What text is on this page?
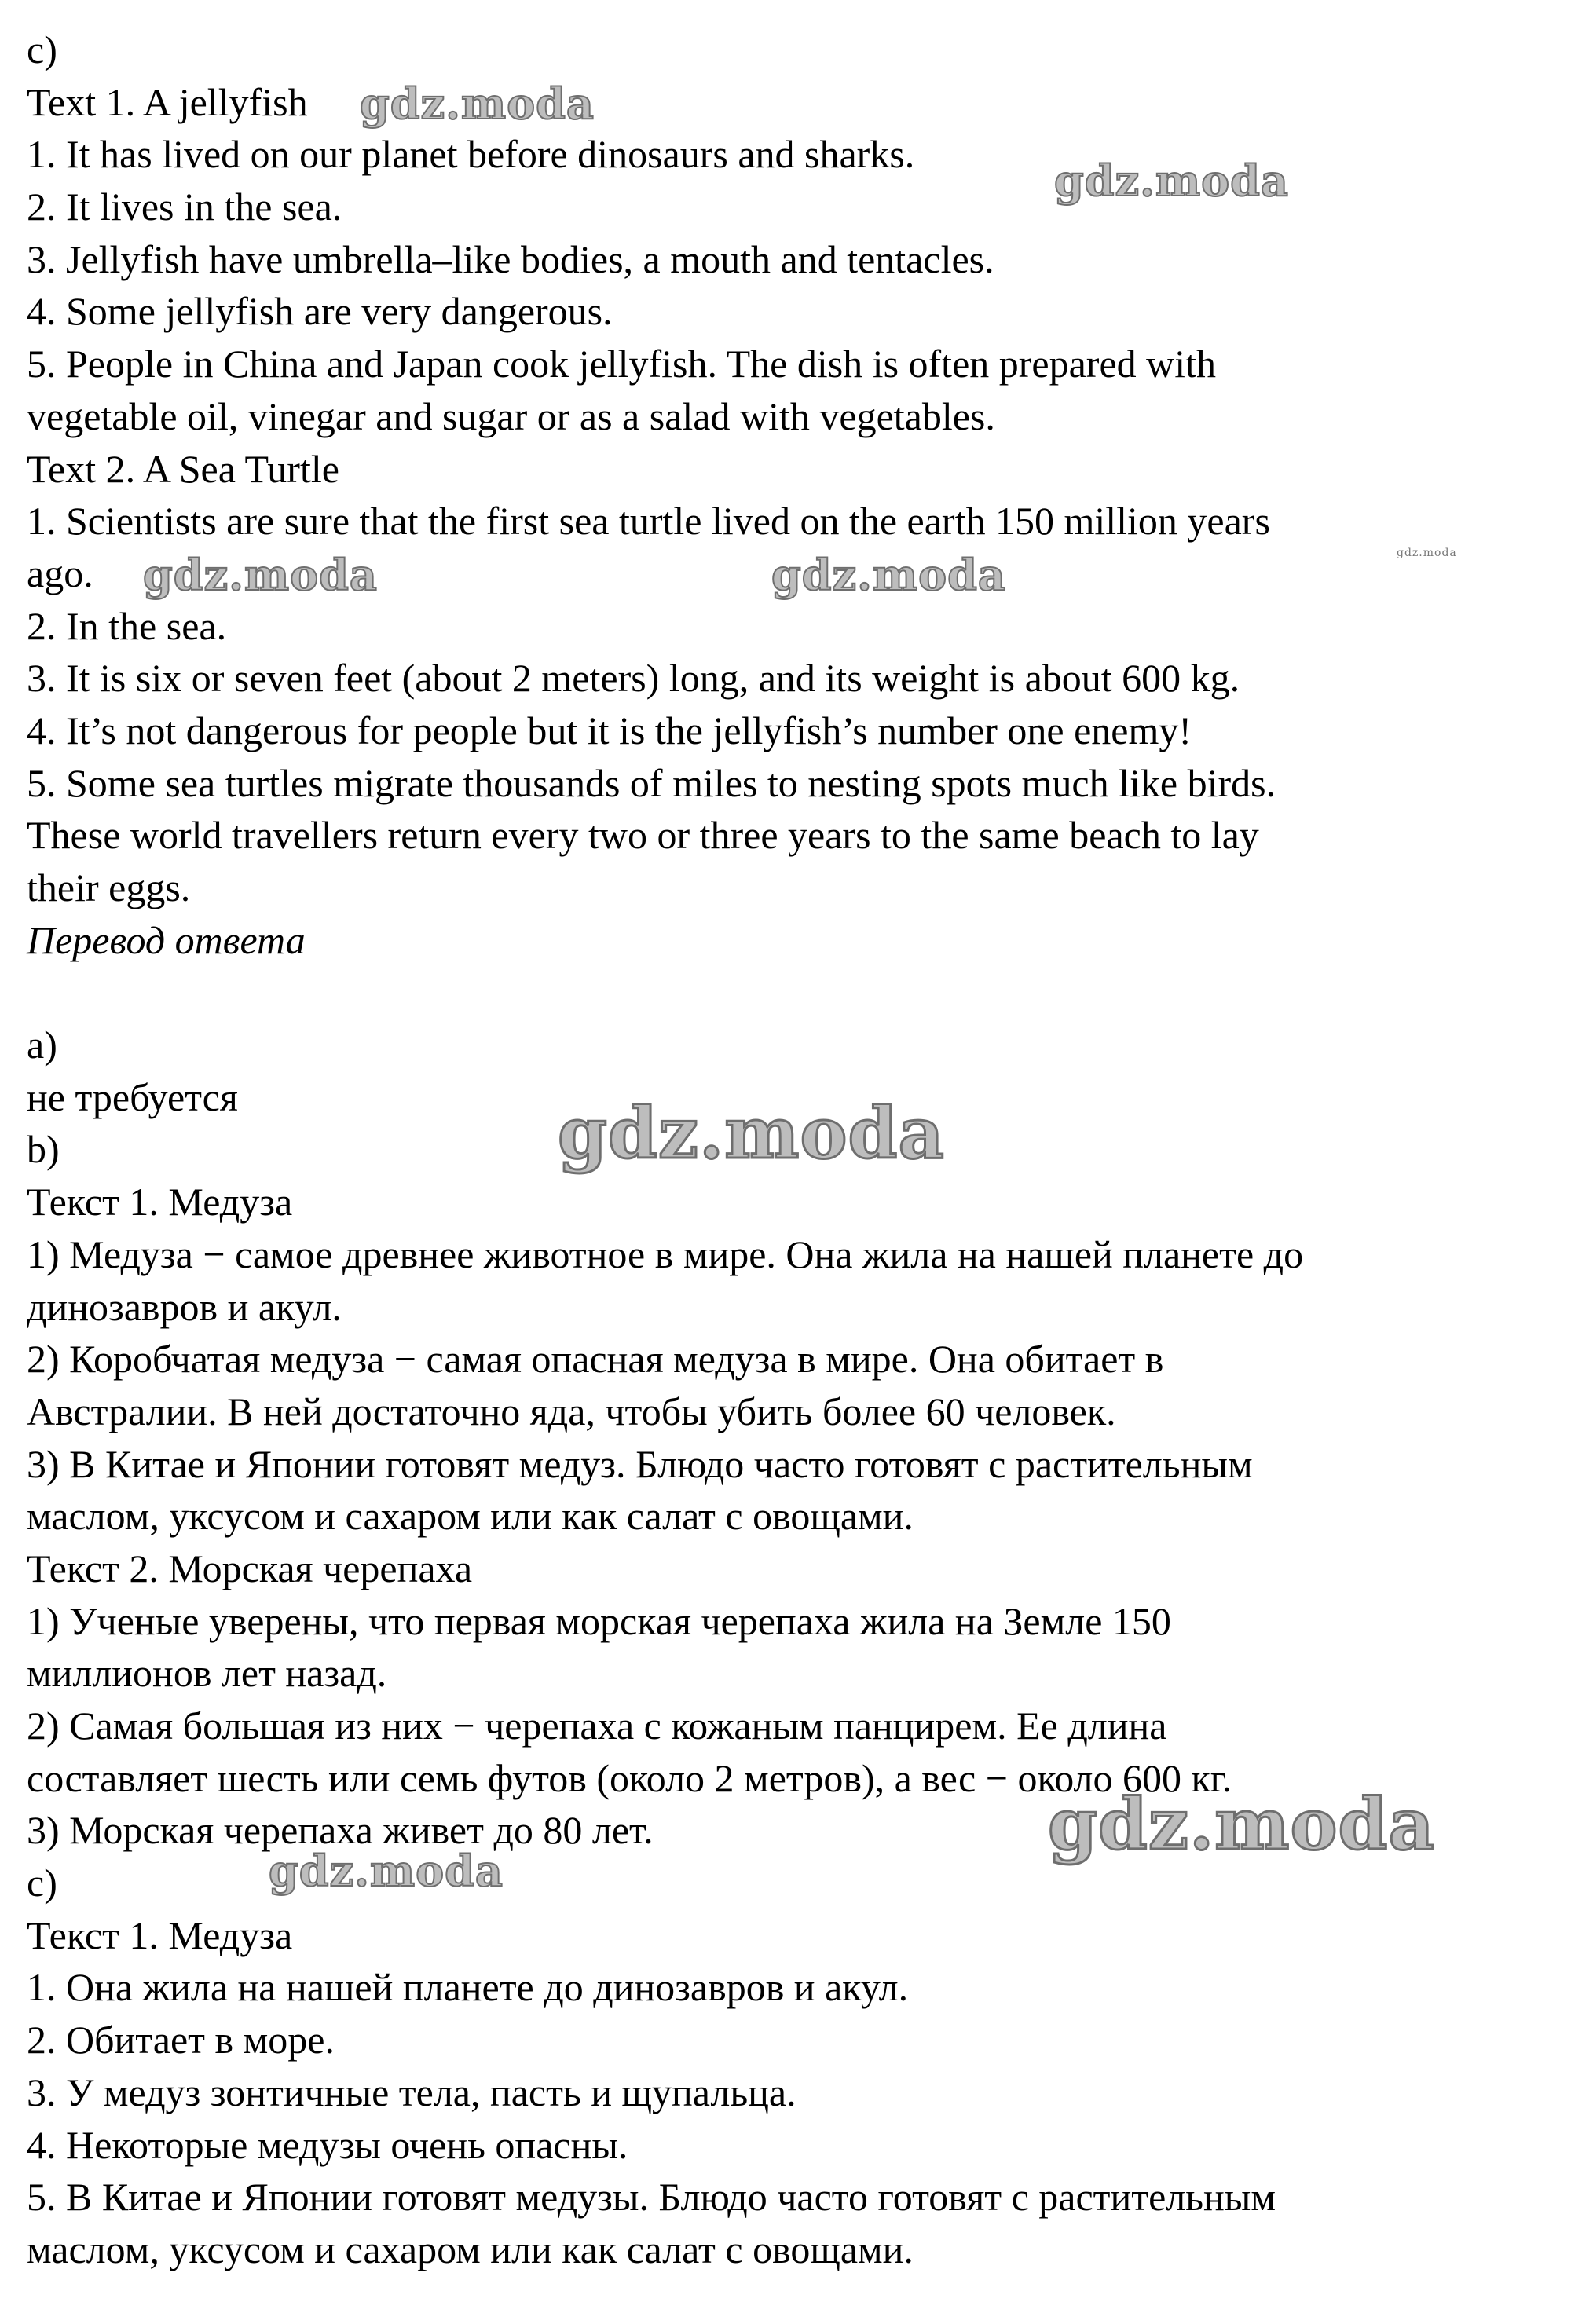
c)
Text 1. A jellyfish
1. It has lived on our planet before dinosaurs and sharks.
2. It lives in the sea.
3. Jellyfish have umbrella–like bodies, a mouth and tentacles.
4. Some jellyfish are very dangerous.
5. People in China and Japan cook jellyfish. The dish is often prepared with
vegetable oil, vinegar and sugar or as a salad with vegetables.
Text 2. A Sea Turtle
1. Scientists are sure that the first sea turtle lived on the earth 150 million years
ago.
2. In the sea.
3. It is six or seven feet (about 2 meters) long, and its weight is about 600 kg.
4. It’s not dangerous for people but it is the jellyfish’s number one enemy!
5. Some sea turtles migrate thousands of miles to nesting spots much like birds.
These world travellers return every two or three years to the same beach to lay
their eggs.
Перевод ответа
a)
не требуется
b)
Текст 1. Медуза
1) Медуза − самое древнее животное в мире. Она жила на нашей планете до
динозавров и акул.
2) Коробчатая медуза − самая опасная медуза в мире. Она обитает в
Австралии. В ней достаточно яда, чтобы убить более 60 человек.
3) В Китае и Японии готовят медуз. Блюдо часто готовят с растительным
маслом, уксусом и сахаром или как салат с овощами.
Текст 2. Морская черепаха
1) Ученые уверены, что первая морская черепаха жила на Земле 150
миллионов лет назад.
2) Самая большая из них − черепаха с кожаным панцирем. Ее длина
составляет шесть или семь футов (около 2 метров), а вес − около 600 кг.
3) Морская черепаха живет до 80 лет.
c)
Текст 1. Медуза
1. Она жила на нашей планете до динозавров и акул.
2. Обитает в море.
3. У медуз зонтичные тела, пасть и щупальца.
4. Некоторые медузы очень опасны.
5. В Китае и Японии готовят медузы. Блюдо часто готовят с растительным
маслом, уксусом и сахаром или как салат с овощами.
gdz.moda
gdz.moda
gdz.moda	gdz.moda	gdz.moda
gdz.moda
gdz.moda
gdz.moda
